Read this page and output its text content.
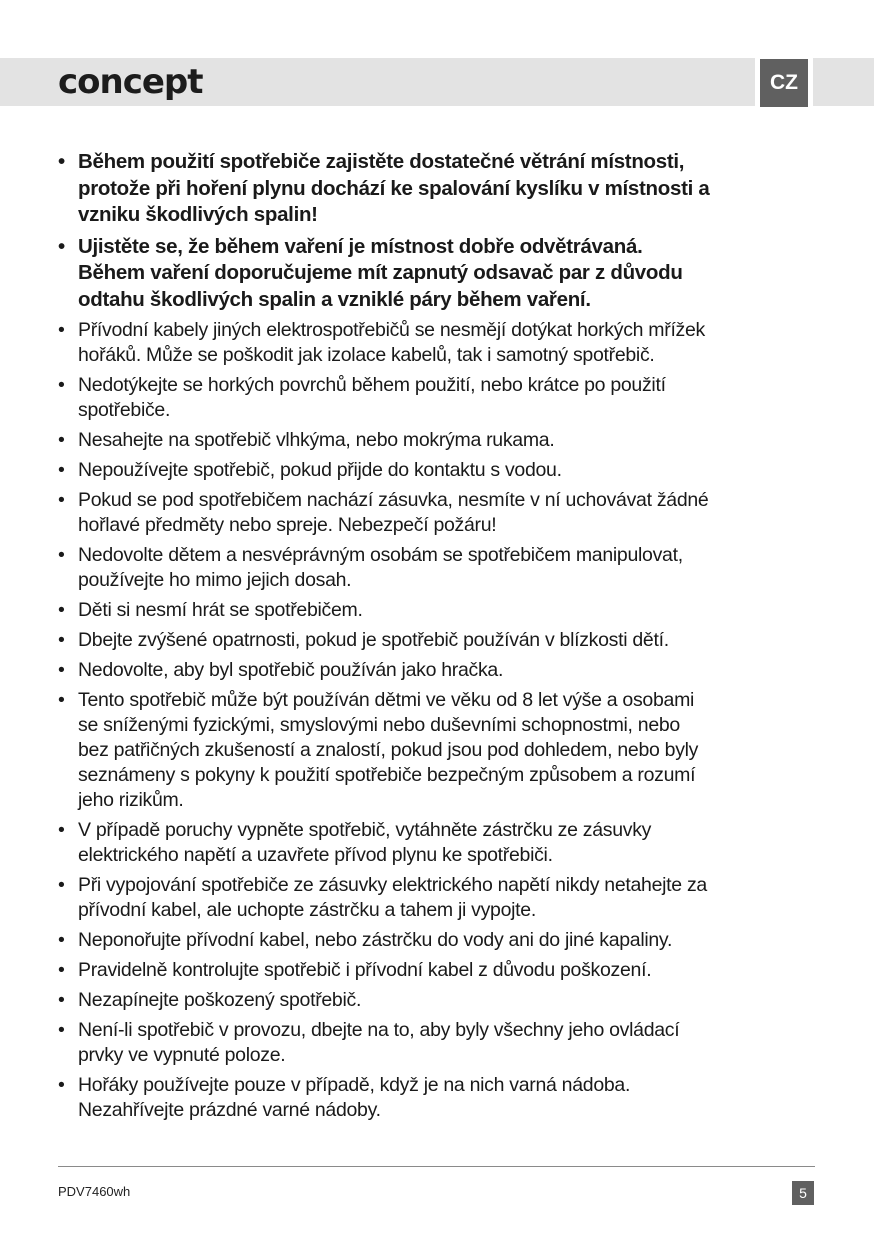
concept	CZ
• Během použití spotřebiče zajistěte dostatečné větrání místnosti,
protože při hoření plynu dochází ke spalování kyslíku v místnosti a
vzniku škodlivých spalin!
• Ujistěte se, že během vaření je místnost dobře odvětrávaná.
Během vaření doporučujeme mít zapnutý odsavač par z důvodu
odtahu škodlivých spalin a vzniklé páry během vaření.
• Přívodní kabely jiných elektrospotřebičů se nesmějí dotýkat horkých mřížek
hořáků. Může se poškodit jak izolace kabelů, tak i samotný spotřebič.
• Nedotýkejte se horkých povrchů během použití, nebo krátce po použití
spotřebiče.
• Nesahejte na spotřebič vlhkýma, nebo mokrýma rukama.
• Nepoužívejte spotřebič, pokud přijde do kontaktu s vodou.
• Pokud se pod spotřebičem nachází zásuvka, nesmíte v ní uchovávat žádné
hořlavé předměty nebo spreje. Nebezpečí požáru!
• Nedovolte dětem a nesvéprávným osobám se spotřebičem manipulovat,
používejte ho mimo jejich dosah.
• Děti si nesmí hrát se spotřebičem.
• Dbejte zvýšené opatrnosti, pokud je spotřebič používán v blízkosti dětí.
• Nedovolte, aby byl spotřebič používán jako hračka.
• Tento spotřebič může být používán dětmi ve věku od 8 let výše a osobami
se sníženými fyzickými, smyslovými nebo duševními schopnostmi, nebo
bez patřičných zkušeností a znalostí, pokud jsou pod dohledem, nebo byly
seznámeny s pokyny k použití spotřebiče bezpečným způsobem a rozumí
jeho rizikům.
• V případě poruchy vypněte spotřebič, vytáhněte zástrčku ze zásuvky
elektrického napětí a uzavřete přívod plynu ke spotřebiči.
• Při vypojování spotřebiče ze zásuvky elektrického napětí nikdy netahejte za
přívodní kabel, ale uchopte zástrčku a tahem ji vypojte.
• Neponořujte přívodní kabel, nebo zástrčku do vody ani do jiné kapaliny.
• Pravidelně kontrolujte spotřebič i přívodní kabel z důvodu poškození.
• Nezapínejte poškozený spotřebič.
• Není-li spotřebič v provozu, dbejte na to, aby byly všechny jeho ovládací
prvky ve vypnuté poloze.
• Hořáky používejte pouze v případě, když je na nich varná nádoba.
Nezahřívejte prázdné varné nádoby.
PDV7460wh	5
